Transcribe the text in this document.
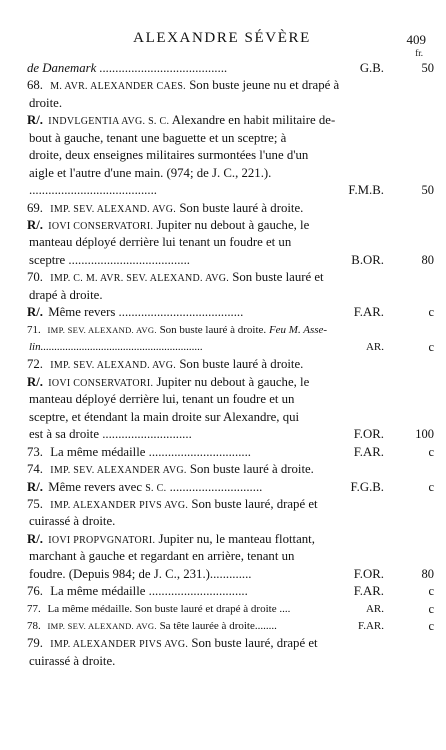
ALEXANDRE SÉVÈRE	409
fr.
de Danemark ........................................	G.B.	50
68. M. AVR. ALEXANDER CAES. Son buste jeune nu et drapé à
droite.
R/. INDVLGENTIA AVG. S. C. Alexandre en habit militaire de-
bout à gauche, tenant une baguette et un sceptre; à
droite, deux enseignes militaires surmontées l'une d'un
aigle et l'autre d'une main. (974; de J. C., 221.).
........................................	F.M.B.	50
69. IMP. SEV. ALEXAND. AVG. Son buste lauré à droite.
R/. IOVI CONSERVATORI. Jupiter nu debout à gauche, le
manteau déployé derrière lui tenant un foudre et un
sceptre ......................................	B.OR.	80
70. IMP. C. M. AVR. SEV. ALEXAND. AVG. Son buste lauré et
drapé à droite.
R/. Même revers .......................................	F.AR.	c
71. IMP. SEV. ALEXAND. AVG. Son buste lauré à droite. Feu M. Asse-
lin...........................................................	AR.	c
72. IMP. SEV. ALEXAND. AVG. Son buste lauré à droite.
R/. IOVI CONSERVATORI. Jupiter nu debout à gauche, le
manteau déployé derrière lui, tenant un foudre et un
sceptre, et étendant la main droite sur Alexandre, qui
est à sa droite ............................	F.OR.	100
73. La même médaille ................................	F.AR.	c
74. IMP. SEV. ALEXANDER AVG. Son buste lauré à droite.
R/. Même revers avec S. C. .............................	F.G.B.	c
75. IMP. ALEXANDER PIVS AVG. Son buste lauré, drapé et
cuirassé à droite.
R/. IOVI PROPVGNATORI. Jupiter nu, le manteau flottant,
marchant à gauche et regardant en arrière, tenant un
foudre. (Depuis 984; de J. C., 231.).............	F.OR.	80
76. La même médaille ...............................	F.AR.	c
77. La même médaille. Son buste lauré et drapé à droite ....	AR.	c
78. IMP. SEV. ALEXAND. AVG. Sa tête laurée à droite........	F.AR.	c
79. IMP. ALEXANDER PIVS AVG. Son buste lauré, drapé et
cuirassé à droite.
